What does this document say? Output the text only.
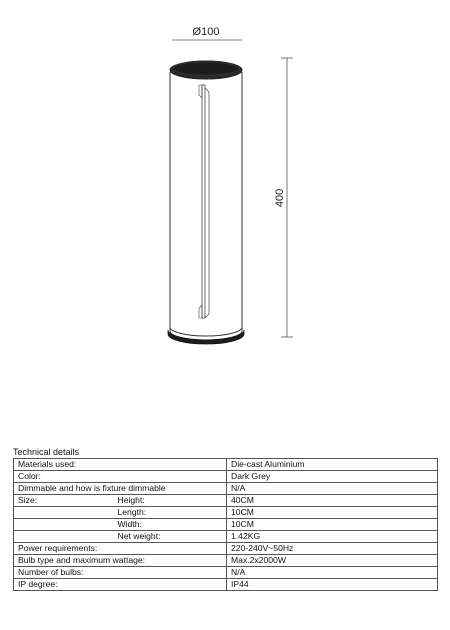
Ø100
400
Technical details
Materials used:		Die-cast Aluminium
Color:		Dark Grey
Dimmable and how is fixture dimmable		N/A
Size:	Height:	40CM
	Length:	10CM
	Width:	10CM
	Net weight:	1.42KG
Power requirements:		220-240V~50Hz
Bulb type and maximum wattage:		Max.2x2000W
Number of bulbs:		N/A
IP degree:		IP44
